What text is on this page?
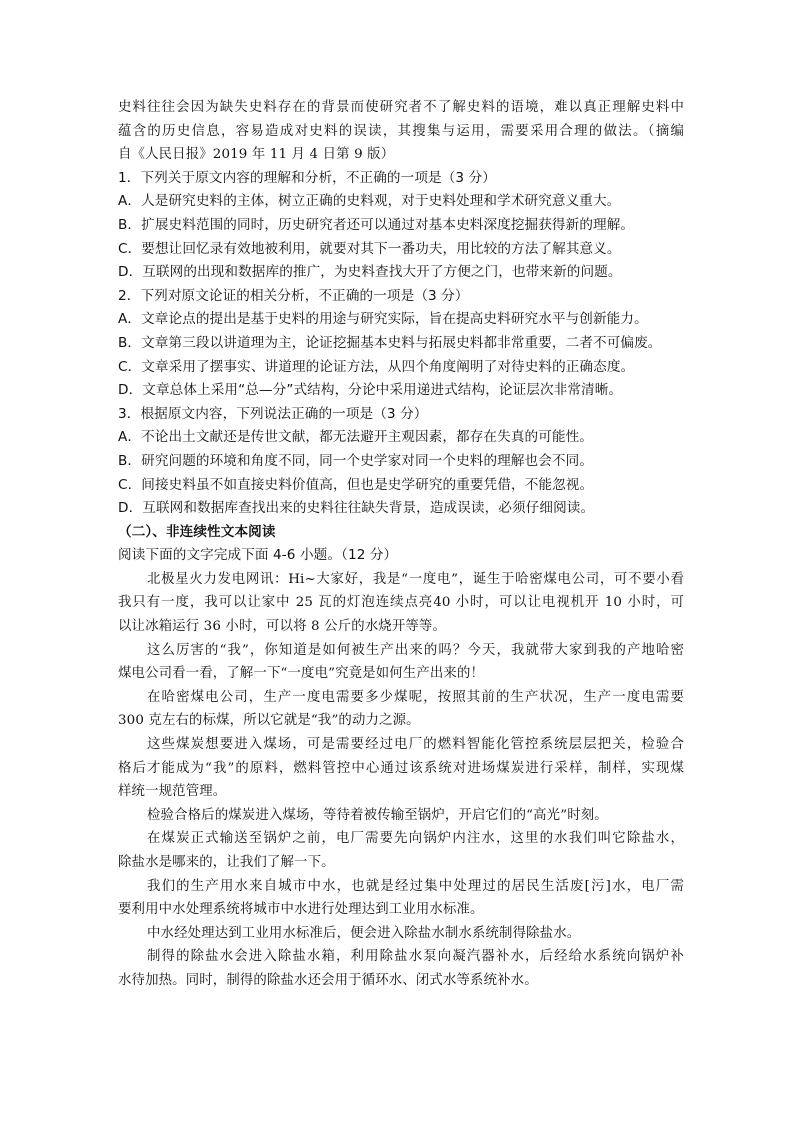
史料往往会因为缺失史料存在的背景而使研究者不了解史料的语境，难以真正理解史料中
蕴含的历史信息，容易造成对史料的误读，其搜集与运用，需要采用合理的做法。（摘编
自《人民日报》2019 年 11 月 4 日第 9 版）
1．下列关于原文内容的理解和分析，不正确的一项是（3 分）
A．人是研究史料的主体，树立正确的史料观，对于史料处理和学术研究意义重大。
B．扩展史料范围的同时，历史研究者还可以通过对基本史料深度挖掘获得新的理解。
C．要想让回忆录有效地被利用，就要对其下一番功夫，用比较的方法了解其意义。
D．互联网的出现和数据库的推广，为史料查找大开了方便之门，也带来新的问题。
2．下列对原文论证的相关分析，不正确的一项是（3 分）
A．文章论点的提出是基于史料的用途与研究实际，旨在提高史料研究水平与创新能力。
B．文章第三段以讲道理为主，论证挖掘基本史料与拓展史料都非常重要，二者不可偏废。
C．文章采用了摆事实、讲道理的论证方法，从四个角度阐明了对待史料的正确态度。
D．文章总体上采用“总—分”式结构，分论中采用递进式结构，论证层次非常清晰。
3．根据原文内容，下列说法正确的一项是（3 分）
A．不论出土文献还是传世文献，都无法避开主观因素，都存在失真的可能性。
B．研究问题的环境和角度不同，同一个史学家对同一个史料的理解也会不同。
C．间接史料虽不如直接史料价值高，但也是史学研究的重要凭借，不能忽视。
D．互联网和数据库查找出来的史料往往缺失背景，造成误读，必须仔细阅读。
（二）、非连续性文本阅读
阅读下面的文字完成下面 4-6 小题。（12 分）
北极星火力发电网讯：Hi~大家好，我是“一度电”，诞生于哈密煤电公司，可不要小看
我只有一度，我可以让家中 25 瓦的灯泡连续点亮40 小时，可以让电视机开 10 小时，可
以让冰箱运行 36 小时，可以将 8 公斤的水烧开等等。
这么厉害的“我”，你知道是如何被生产出来的吗？今天，我就带大家到我的产地哈密
煤电公司看一看，了解一下“一度电”究竟是如何生产出来的！
在哈密煤电公司，生产一度电需要多少煤呢，按照其前的生产状况，生产一度电需要
300 克左右的标煤，所以它就是“我”的动力之源。
这些煤炭想要进入煤场，可是需要经过电厂的燃料智能化管控系统层层把关，检验合
格后才能成为“我”的原料，燃料管控中心通过该系统对进场煤炭进行采样，制样，实现煤
样统一规范管理。
检验合格后的煤炭进入煤场，等待着被传输至锅炉，开启它们的“高光”时刻。
在煤炭正式输送至锅炉之前，电厂需要先向锅炉内注水，这里的水我们叫它除盐水，
除盐水是哪来的，让我们了解一下。
我们的生产用水来自城市中水，也就是经过集中处理过的居民生活废[污]水，电厂需
要利用中水处理系统将城市中水进行处理达到工业用水标准。
中水经处理达到工业用水标准后，便会进入除盐水制水系统制得除盐水。
制得的除盐水会进入除盐水箱，利用除盐水泵向凝汽器补水，后经给水系统向锅炉补
水待加热。同时，制得的除盐水还会用于循环水、闭式水等系统补水。
